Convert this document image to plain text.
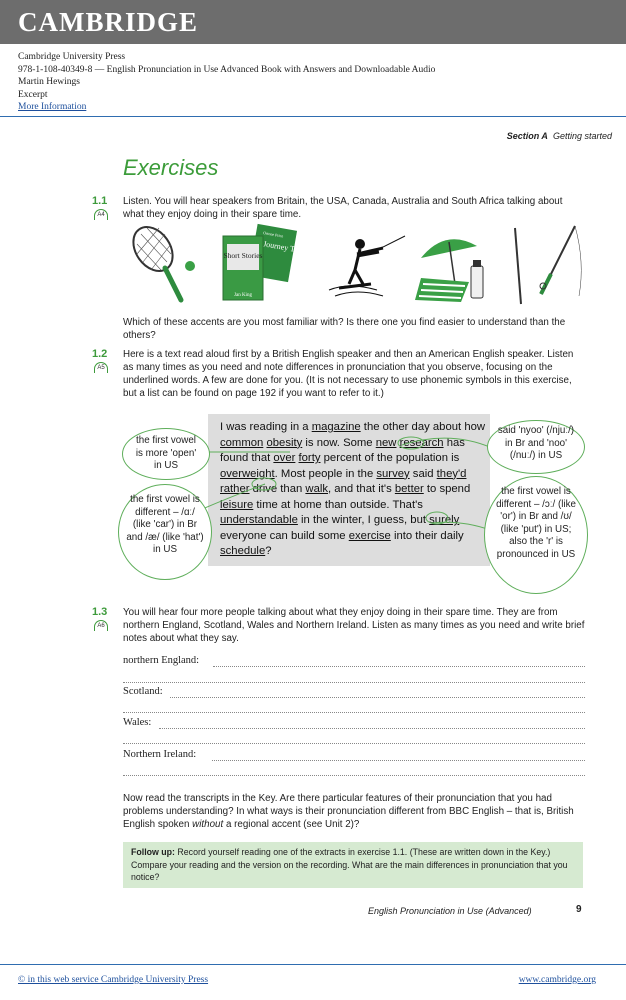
CAMBRIDGE
Cambridge University Press
978-1-108-40349-8 — English Pronunciation in Use Advanced Book with Answers and Downloadable Audio
Martin Hewings
Excerpt
More Information
Section A Getting started
Exercises
1.1
A4
Listen. You will hear speakers from Britain, the USA, Canada, Australia and South Africa talking about what they enjoy doing in their spare time.
Journey To Peace
Ortone Price
Short Stories
Jan King
Which of these accents are you most familiar with? Is there one you find easier to understand than the others?
1.2
A5
Here is a text read aloud first by a British English speaker and then an American English speaker. Listen as many times as you need and note differences in pronunciation that you observe, focusing on the underlined words. A few are done for you. (It is not necessary to use phonemic symbols in this exercise, but a list can be found on page 192 if you want to refer to it.)
I was reading in a magazine the other day about how common obesity is now. Some new research has found that over forty percent of the population is overweight. Most people in the survey said they'd rather drive than walk, and that it's better to spend leisure time at home than outside. That's understandable in the winter, I guess, but surely everyone can build some exercise into their daily schedule?
the first vowel is more 'open' in US
the first vowel is different – /ɑː/ (like 'car') in Br and /æ/ (like 'hat') in US
said 'nyoo' (/njuː/) in Br and 'noo' (/nuː/) in US
the first vowel is different – /ɔː/ (like 'or') in Br and /ʊ/ (like 'put') in US; also the 'r' is pronounced in US
1.3
A6
You will hear four more people talking about what they enjoy doing in their spare time. They are from northern England, Scotland, Wales and Northern Ireland. Listen as many times as you need and write brief notes about what they say.
northern England:
Scotland:
Wales:
Northern Ireland:
Now read the transcripts in the Key. Are there particular features of their pronunciation that you had problems understanding? In what ways is their pronunciation different from BBC English – that is, British English spoken without a regional accent (see Unit 2)?
Follow up: Record yourself reading one of the extracts in exercise 1.1. (These are written down in the Key.) Compare your reading and the version on the recording. What are the main differences in pronunciation that you notice?
English Pronunciation in Use (Advanced)	9
© in this web service Cambridge University Press	www.cambridge.org
